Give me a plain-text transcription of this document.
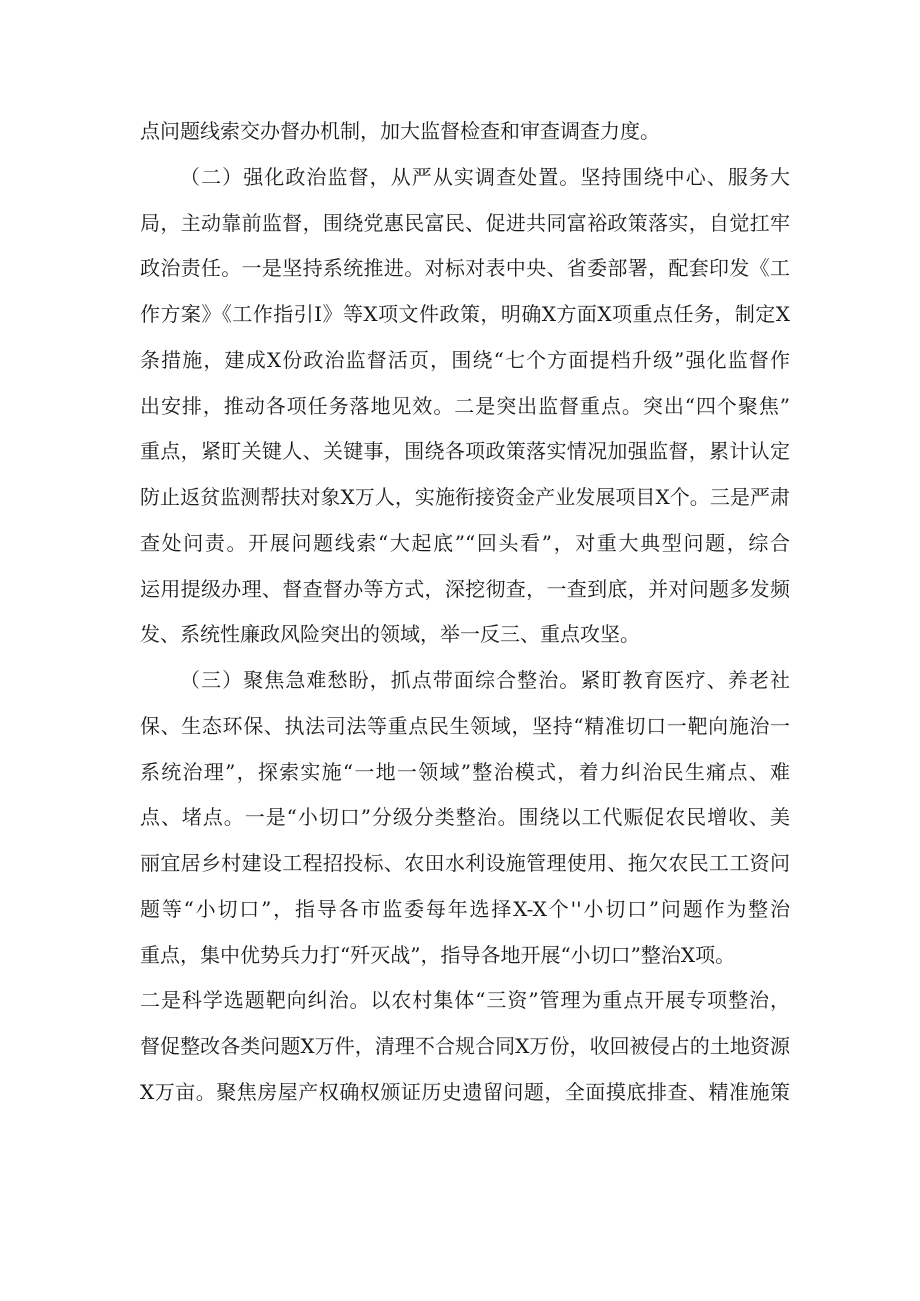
点问题线索交办督办机制，加大监督检查和审查调查力度。
（二）强化政治监督，从严从实调查处置。坚持围绕中心、服务大
局，主动靠前监督，围绕党惠民富民、促进共同富裕政策落实，自觉扛牢
政治责任。一是坚持系统推进。对标对表中央、省委部署，配套印发《工
作方案》《工作指引I》等X项文件政策，明确X方面X项重点任务，制定X
条措施，建成X份政治监督活页，围绕“七个方面提档升级”强化监督作
出安排，推动各项任务落地见效。二是突出监督重点。突出“四个聚焦”
重点，紧盯关键人、关键事，围绕各项政策落实情况加强监督，累计认定
防止返贫监测帮扶对象X万人，实施衔接资金产业发展项目X个。三是严肃
查处问责。开展问题线索“大起底”“回头看”，对重大典型问题，综合
运用提级办理、督查督办等方式，深挖彻查，一查到底，并对问题多发频
发、系统性廉政风险突出的领域，举一反三、重点攻坚。
（三）聚焦急难愁盼，抓点带面综合整治。紧盯教育医疗、养老社
保、生态环保、执法司法等重点民生领域，坚持“精准切口一靶向施治一
系统治理”，探索实施“一地一领域”整治模式，着力纠治民生痛点、难
点、堵点。一是“小切口”分级分类整治。围绕以工代赈促农民增收、美
丽宜居乡村建设工程招投标、农田水利设施管理使用、拖欠农民工工资问
题等“小切口”，指导各市监委每年选择X-X个''小切口”问题作为整治
重点，集中优势兵力打“歼灭战”，指导各地开展“小切口”整治X项。
二是科学选题靶向纠治。以农村集体“三资”管理为重点开展专项整治，
督促整改各类问题X万件，清理不合规合同X万份，收回被侵占的土地资源
X万亩。聚焦房屋产权确权颁证历史遗留问题，全面摸底排查、精准施策
